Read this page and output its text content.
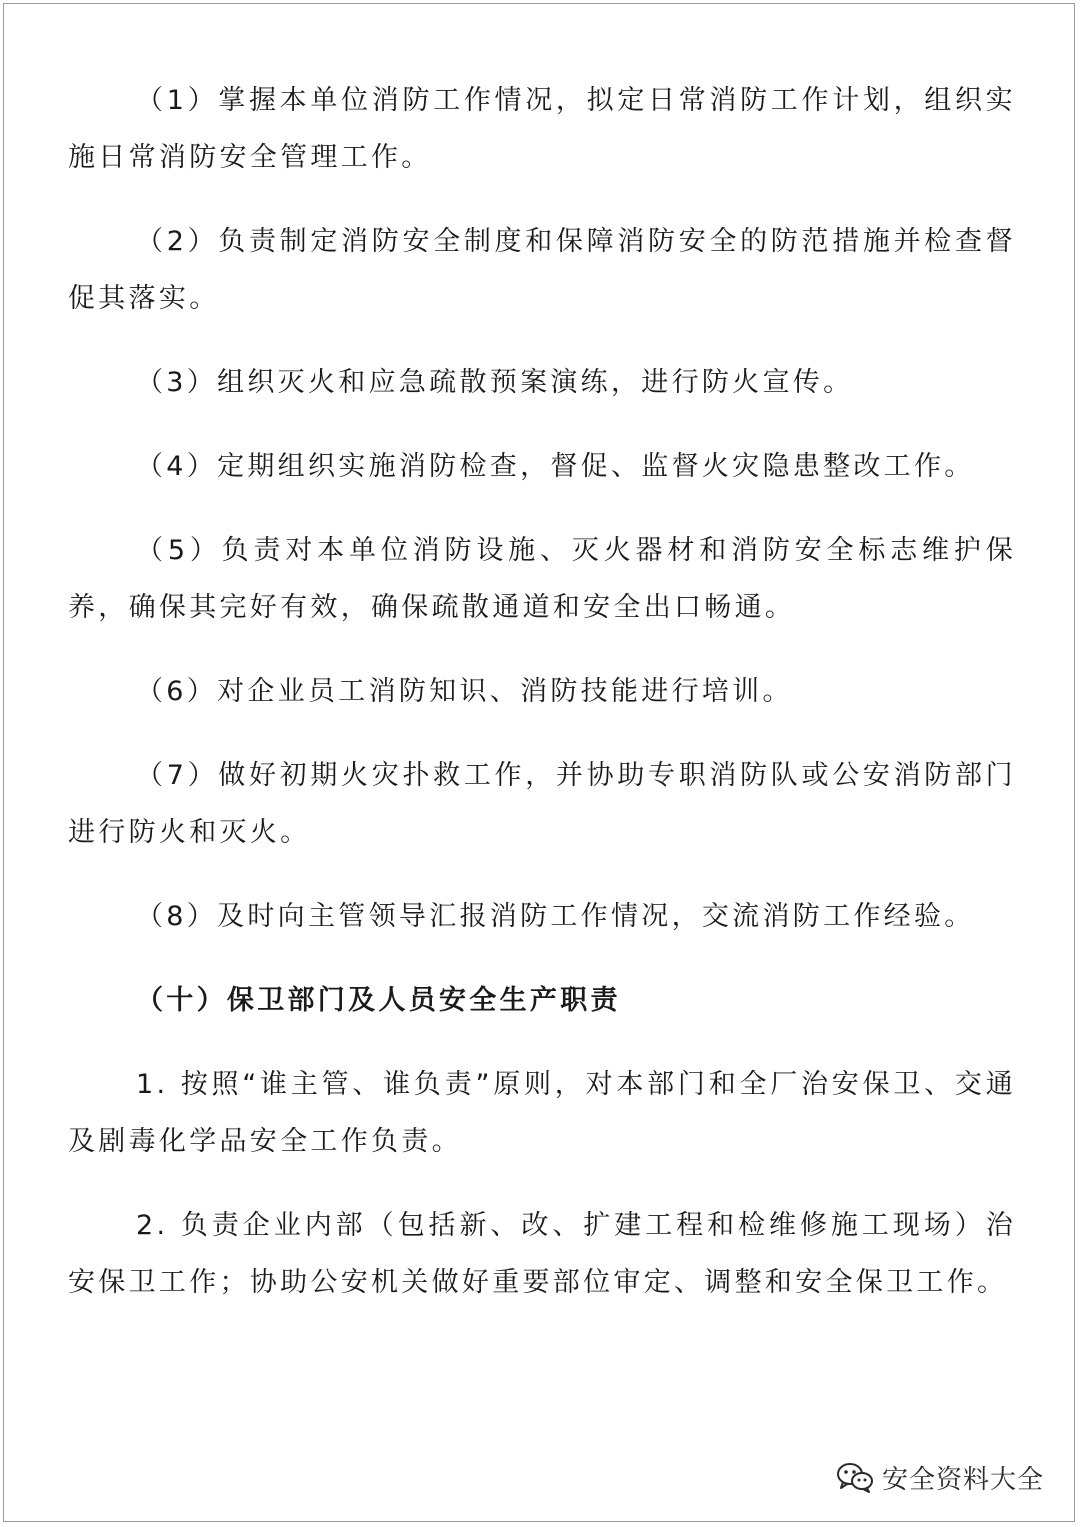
（1）掌握本单位消防工作情况，拟定日常消防工作计划，组织实施日常消防安全管理工作。

（2）负责制定消防安全制度和保障消防安全的防范措施并检查督促其落实。

（3）组织灭火和应急疏散预案演练，进行防火宣传。

（4）定期组织实施消防检查，督促、监督火灾隐患整改工作。

（5）负责对本单位消防设施、灭火器材和消防安全标志维护保养，确保其完好有效，确保疏散通道和安全出口畅通。

（6）对企业员工消防知识、消防技能进行培训。

（7）做好初期火灾扑救工作，并协助专职消防队或公安消防部门进行防火和灭火。

（8）及时向主管领导汇报消防工作情况，交流消防工作经验。

（十）保卫部门及人员安全生产职责

1. 按照“谁主管、谁负责”原则，对本部门和全厂治安保卫、交通及剧毒化学品安全工作负责。

2. 负责企业内部（包括新、改、扩建工程和检维修施工现场）治安保卫工作；协助公安机关做好重要部位审定、调整和安全保卫工作。

安全资料大全
